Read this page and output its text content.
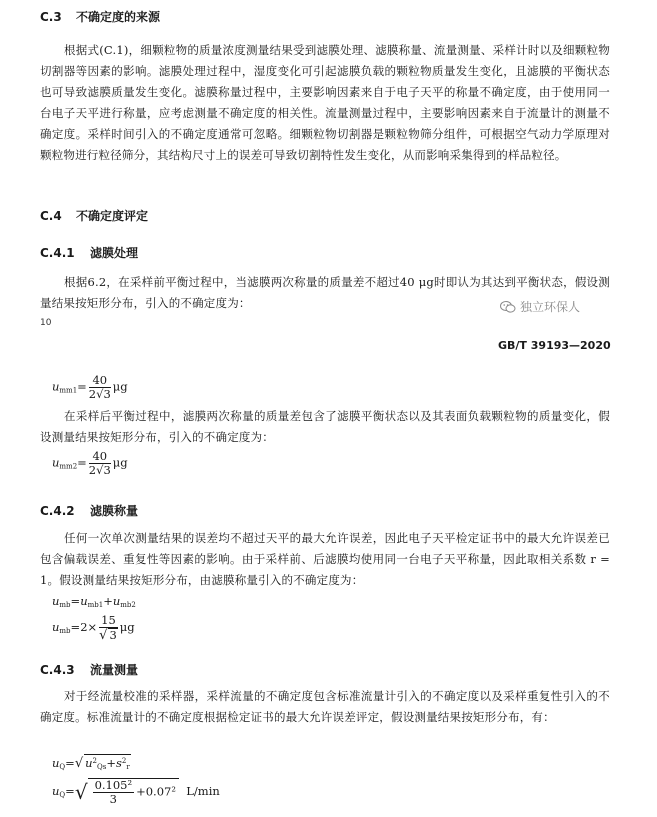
C.3 不确定度的来源
根据式(C.1)，细颗粒物的质量浓度测量结果受到滤膜处理、滤膜称量、流量测量、采样计时以及细颗粒物切割器等因素的影响。滤膜处理过程中，湿度变化可引起滤膜负载的颗粒物质量发生变化，且滤膜的平衡状态也可导致滤膜质量发生变化。滤膜称量过程中，主要影响因素来自于电子天平的称量不确定度，由于使用同一台电子天平进行称量，应考虑测量不确定度的相关性。流量测量过程中，主要影响因素来自于流量计的测量不确定度。采样时间引入的不确定度通常可忽略。细颗粒物切割器是颗粒物筛分组件，可根据空气动力学原理对颗粒物进行粒径筛分，其结构尺寸上的误差可导致切割特性发生变化，从而影响采集得到的样品粒径。
C.4 不确定度评定
C.4.1 滤膜处理
根据6.2，在采样前平衡过程中，当滤膜两次称量的质量差不超过40 μg时即认为其达到平衡状态，假设测量结果按矩形分布，引入的不确定度为：	独立环保人
10
GB/T 39193—2020
$u_{mm1}= \frac{40}{2√3}$ μg
在采样后平衡过程中，滤膜两次称量的质量差包含了滤膜平衡状态以及其表面负载颗粒物的质量变化，假设测量结果按矩形分布，引入的不确定度为：
$u_{mm2}= \frac{40}{2√3}$ μg
C.4.2 滤膜称量
任何一次单次测量结果的误差均不超过天平的最大允许误差，因此电子天平检定证书中的最大允许误差已包含偏载误差、重复性等因素的影响。由于采样前、后滤膜均使用同一台电子天平称量，因此取相关系数 r = 1。假设测量结果按矩形分布，由滤膜称量引入的不确定度为：
$u_{mb}=u_{mb1}+u_{mb2}$
$u_{mb}=2\times \frac{15}{√ 3}$ μg
C.4.3 流量测量
对于经流量校准的采样器，采样流量的不确定度包含标准流量计引入的不确定度以及采样重复性引入的不确定度。标准流量计的不确定度根据检定证书的最大允许误差评定，假设测量结果按矩形分布，有：
$u_Q=√$ $u^2_{Qs}+s^2_r$
$u_Q=√ \frac{\text{0.105²}}{3} +0.07^2$ L/min
